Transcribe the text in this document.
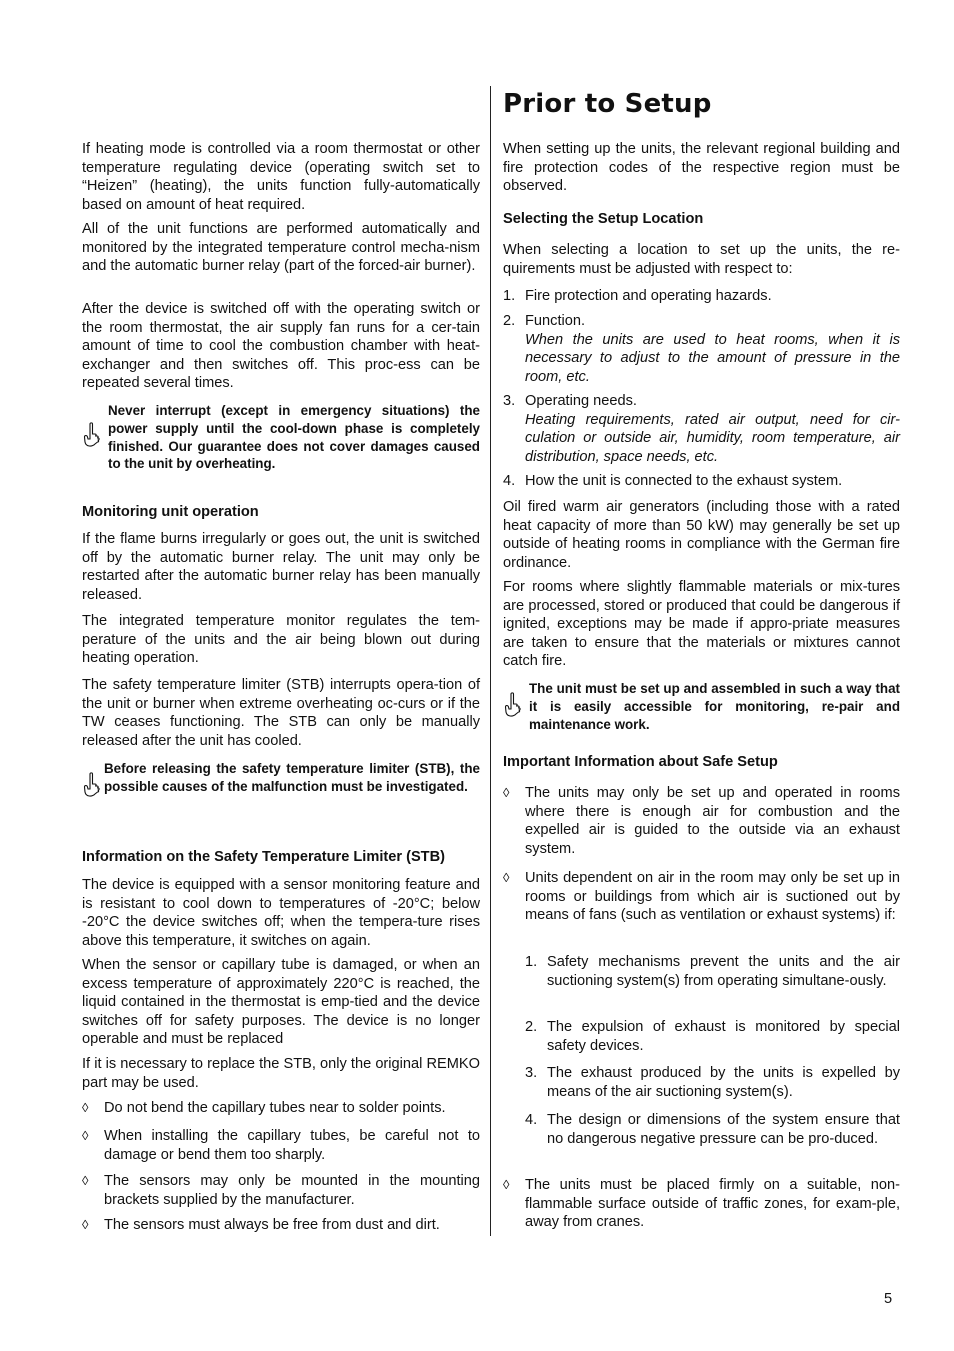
If heating mode is controlled via a room thermostat or other temperature regulating device (operating switch set to “Heizen” (heating), the units function fully-automatically based on amount of heat required.

All of the unit functions are performed automatically and monitored by the integrated temperature control mecha-nism and the automatic burner relay (part of the forced-air burner).

After the device is switched off with the operating switch or the room thermostat, the air supply fan runs for a cer-tain amount of time to cool the combustion chamber with heat-exchanger and then switches off. This proc-ess can be repeated several times.

Never interrupt (except in emergency situations) the power supply until the cool-down phase is completely finished. Our guarantee does not cover damages caused to the unit by overheating.
Monitoring unit operation

If the flame burns irregularly or goes out, the unit is switched off by the automatic burner relay. The unit may only be restarted after the automatic burner relay has been manually released.

The integrated temperature monitor regulates the tem-perature of the units and the air being blown out during heating operation.

The safety temperature limiter (STB) interrupts opera-tion of the unit or burner when extreme overheating oc-curs or if the TW ceases functioning. The STB can only be manually released after the unit has cooled.

Before releasing the safety temperature limiter (STB), the possible causes of the malfunction must be investigated.
Information on the Safety Temperature Limiter (STB)

The device is equipped with a sensor monitoring feature and is resistant to cool down to temperatures of -20°C; below -20°C the device switches off; when the tempera-ture rises above this temperature, it switches on again.

When the sensor or capillary tube is damaged, or when an excess temperature of approximately 220°C is reached, the liquid contained in the thermostat is emp-tied and the device switches off for safety purposes. The device is no longer operable and must be replaced

If it is necessary to replace the STB, only the original REMKO part may be used.

◊	Do not bend the capillary tubes near to solder points.
◊	When installing the capillary tubes, be careful not to damage or bend them too sharply.
◊	The sensors may only be mounted in the mounting brackets supplied by the manufacturer.
◊	The sensors must always be free from dust and dirt.
Prior to Setup

When setting up the units, the relevant regional building and fire protection codes of the respective region must be observed.

Selecting the Setup Location

When selecting a location to set up the units, the re-quirements must be adjusted with respect to:

1. Fire protection and operating hazards.
2. Function.
When the units are used to heat rooms, when it is necessary to adjust to the amount of pressure in the room, etc.
3. Operating needs.
Heating requirements, rated air output, need for cir-culation or outside air, humidity, room temperature, air distribution, space needs, etc.
4. How the unit is connected to the exhaust system.

Oil fired warm air generators (including those with a rated heat capacity of more than 50 kW) may generally be set up outside of heating rooms in compliance with the German fire ordinance.

For rooms where slightly flammable materials or mix-tures are processed, stored or produced that could be dangerous if ignited, exceptions may be made if appro-priate measures are taken to ensure that the materials or mixtures cannot catch fire.

The unit must be set up and assembled in such a way that it is easily accessible for monitoring, re-pair and maintenance work.
Important Information about Safe Setup
◊	The units may only be set up and operated in rooms where there is enough air for combustion and the expelled air is guided to the outside via an exhaust system.
◊	Units dependent on air in the room may only be set up in rooms or buildings from which air is suctioned out by means of fans (such as ventilation or exhaust systems) if:
1. Safety mechanisms prevent the units and the air suctioning system(s) from operating simultane-ously.
2. The expulsion of exhaust is monitored by special safety devices.
3. The exhaust produced by the units is expelled by means of the air suctioning system(s).
4. The design or dimensions of the system ensure that no dangerous negative pressure can be pro-duced.
◊	The units must be placed firmly on a suitable, non-flammable surface outside of traffic zones, for exam-ple, away from cranes.
5
